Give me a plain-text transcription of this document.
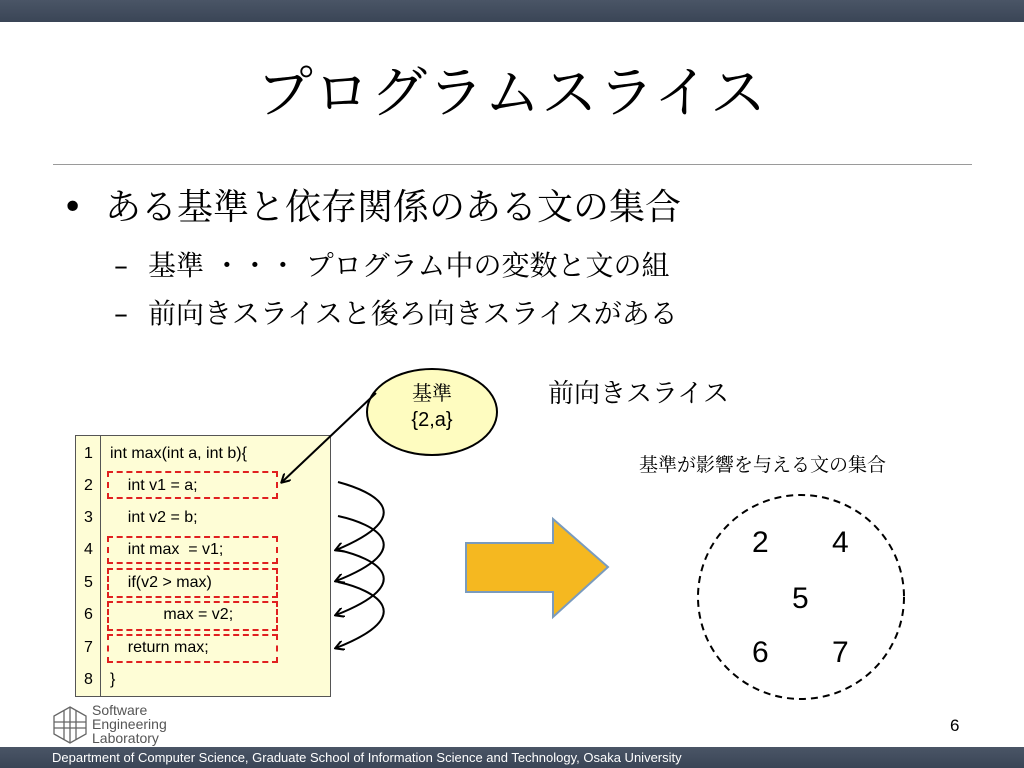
プログラムスライス
• ある基準と依存関係のある文の集合
– 基準 ・・・ プログラム中の変数と文の組
– 前向きスライスと後ろ向きスライスがある
1
2
3
4
5
6
7
8
int max(int a, int b){
int v1 = a;
int v2 = b;
int max  = v1;
if(v2 > max)
max = v2;
return max;
}
基準
{2,a}
前向きスライス
基準が影響を与える文の集合
2 4
5
6 7
Software
Engineering
Laboratory
6
Department of Computer Science, Graduate School of Information Science and Technology, Osaka University
